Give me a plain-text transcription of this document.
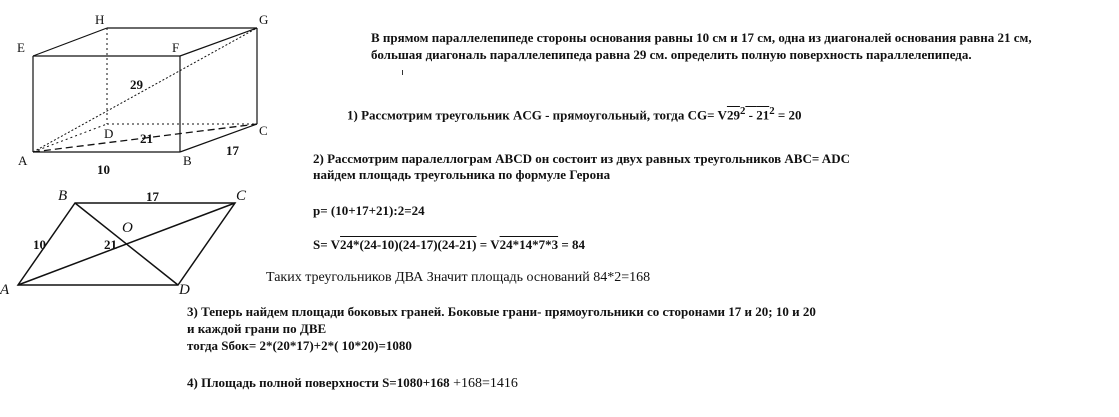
H	G
E	F
D	C
A	B
29
21
17
10
B	C
O
A	D
17
10	21
В прямом параллелепипеде стороны основания равны 10 см и 17 см, одна из диагоналей основания равна 21 см,
большая диагональ параллелепипеда равна 29 см. определить полную поверхность параллелепипеда.
1) Рассмотрим треугольник ACG - прямоугольный, тогда $CG= V29^2 - 21^2 = 20$
2) Рассмотрим паралеллограм ABCD он состоит из двух равных треугольников ABC= ADC
найдем площадь треугольника по формуле Герона
p= (10+17+21):2=24
S= V24*(24-10)(24-17)(24-21) = V24*14*7*3 = 84
Таких треугольников ДВА Значит площадь оснований 84*2=168
3) Теперь найдем площади боковых граней. Боковые грани- прямоугольники со сторонами 17 и 20; 10 и 20
и каждой грани по ДВЕ
тогда Sбок= 2*(20*17)+2*( 10*20)=1080
4) Площадь полной поверхности S=1080+168 +168=1416
